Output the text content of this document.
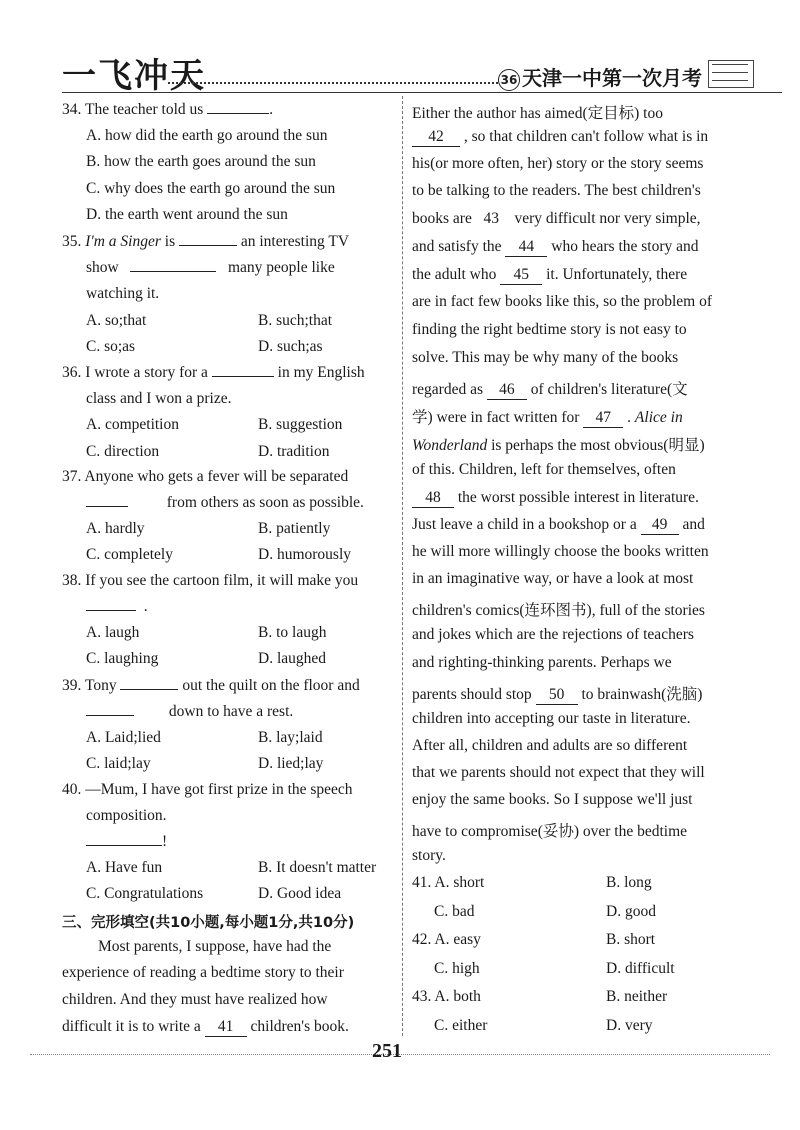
一飞冲天	36 天津一中第一次月考

34. The teacher told us	.

A. how did the earth go around the sun

B. how the earth goes around the sun

C. why does the earth go around the sun

D. the earth went around the sun

35. I'm a Singer is	an interesting TV

show	many people like

watching it.

A. so;that	B. such;that

C. so;as	D. such;as

36. I wrote a story for a	in my English

class and I won a prize.

A. competition	B. suggestion

C. direction	D. tradition

37. Anyone who gets a fever will be separated

from others as soon as possible.

A. hardly	B. patiently

C. completely	D. humorously

38. If you see the cartoon film, it will make you

.

A. laugh	B. to laugh

C. laughing	D. laughed

39. Tony	out the quilt on the floor and

down to have a rest.

A. Laid;lied	B. lay;laid

C. laid;lay	D. lied;lay

40. —Mum, I have got first prize in the speech

composition.

!

A. Have fun	B. It doesn't matter

C. Congratulations	D. Good idea

三、完形填空(共10小题,每小题1分,共10分)

Most parents, I suppose, have had the

experience of reading a bedtime story to their

children. And they must have realized how

difficult it is to write a 41 children's book.

Either the author has aimed(定目标) too

42 , so that children can't follow what is in

his(or more often, her) story or the story seems

to be talking to the readers. The best children's

books are 43 very difficult nor very simple,

and satisfy the 44 who hears the story and

the adult who 45 it. Unfortunately, there

are in fact few books like this, so the problem of

finding the right bedtime story is not easy to

solve. This may be why many of the books

regarded as 46 of children's literature(文

学) were in fact written for 47 . Alice in

Wonderland is perhaps the most obvious(明显)

of this. Children, left for themselves, often

48 the worst possible interest in literature.

Just leave a child in a bookshop or a 49 and

he will more willingly choose the books written

in an imaginative way, or have a look at most

children's comics(连环图书), full of the stories

and jokes which are the rejections of teachers

and righting-thinking parents. Perhaps we

parents should stop 50 to brainwash(洗脑)

children into accepting our taste in literature.

After all, children and adults are so different

that we parents should not expect that they will

enjoy the same books. So I suppose we'll just

have to compromise(妥协) over the bedtime

story.

41. A. short	B. long

C. bad	D. good

42. A. easy	B. short

C. high	D. difficult

43. A. both	B. neither

C. either	D. very

251
